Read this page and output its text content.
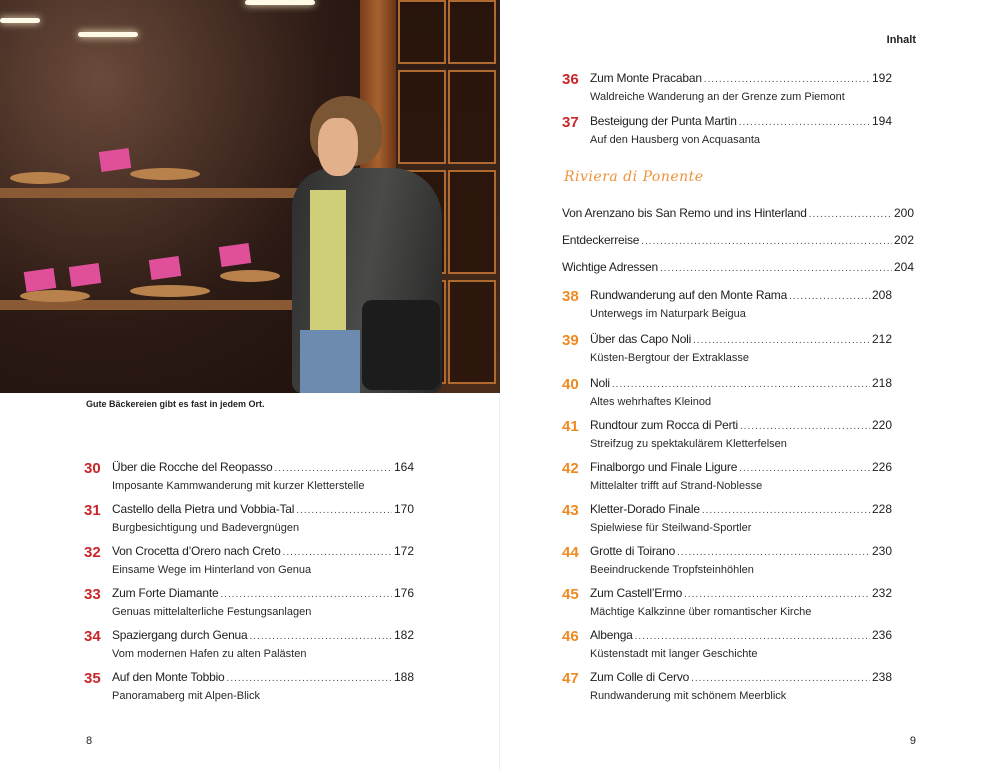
Gute Bäckereien gibt es fast in jedem Ort.
30 Über die Rocche del Reopasso .....	164
Imposante Kammwanderung mit kurzer Kletterstelle
31 Castello della Pietra und Vobbia-Tal .....	170
Burgbesichtigung und Badevergnügen
32 Von Crocetta d’Orero nach Creto .....	172
Einsame Wege im Hinterland von Genua
33 Zum Forte Diamante .....	176
Genuas mittelalterliche Festungsanlagen
34 Spaziergang durch Genua .....	182
Vom modernen Hafen zu alten Palästen
35 Auf den Monte Tobbio .....	188
Panoramaberg mit Alpen-Blick
8
Inhalt
36 Zum Monte Pracaban .....	192
Waldreiche Wanderung an der Grenze zum Piemont
37 Besteigung der Punta Martin .....	194
Auf den Hausberg von Acquasanta
Riviera di Ponente
Von Arenzano bis San Remo und ins Hinterland .....	200
Entdeckerreise .....	202
Wichtige Adressen .....	204
38 Rundwanderung auf den Monte Rama .....	208
Unterwegs im Naturpark Beigua
39 Über das Capo Noli .....	212
Küsten-Bergtour der Extraklasse
40 Noli .....	218
Altes wehrhaftes Kleinod
41 Rundtour zum Rocca di Perti .....	220
Streifzug zu spektakulärem Kletterfelsen
42 Finalborgo und Finale Ligure .....	226
Mittelalter trifft auf Strand-Noblesse
43 Kletter-Dorado Finale .....	228
Spielwiese für Steilwand-Sportler
44 Grotte di Toirano .....	230
Beeindruckende Tropfsteinhöhlen
45 Zum Castell’Ermo .....	232
Mächtige Kalkzinne über romantischer Kirche
46 Albenga .....	236
Küstenstadt mit langer Geschichte
47 Zum Colle di Cervo .....	238
Rundwanderung mit schönem Meerblick
9
